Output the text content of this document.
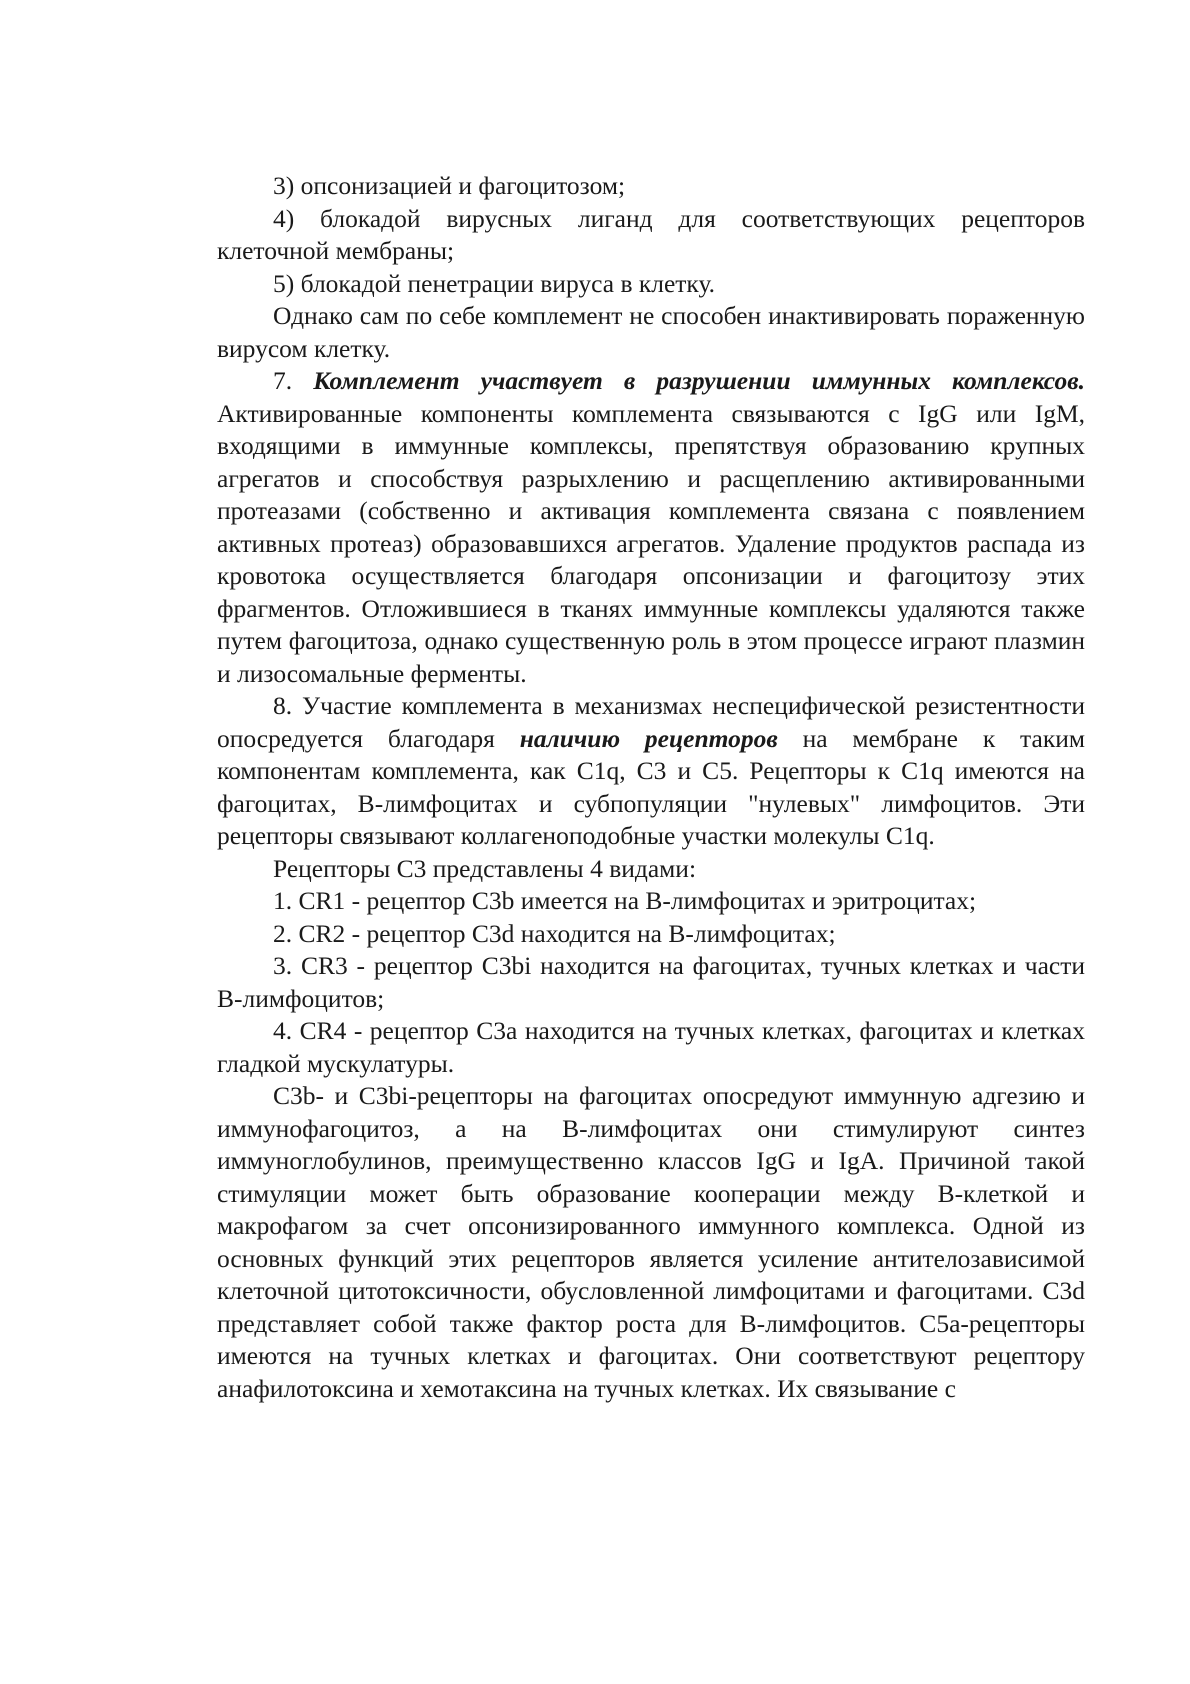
3) опсонизацией и фагоцитозом;

4) блокадой вирусных лиганд для соответствующих рецепторов клеточной мембраны;

5) блокадой пенетрации вируса в клетку.

Однако сам по себе комплемент не способен инактивировать пораженную вирусом клетку.

7. Комплемент участвует в разрушении иммунных комплексов. Активированные компоненты комплемента связываются с IgG или IgM, входящими в иммунные комплексы, препятствуя образованию крупных агрегатов и способствуя разрыхлению и расщеплению активированными протеазами (собственно и активация комплемента связана с появлением активных протеаз) образовавшихся агрегатов. Удаление продуктов распада из кровотока осуществляется благодаря опсонизации и фагоцитозу этих фрагментов. Отложившиеся в тканях иммунные комплексы удаляются также путем фагоцитоза, однако существенную роль в этом процессе играют плазмин и лизосомальные ферменты.

8. Участие комплемента в механизмах неспецифической резистентности опосредуется благодаря наличию рецепторов на мембране к таким компонентам комплемента, как C1q, C3 и C5. Рецепторы к C1q имеются на фагоцитах, B-лимфоцитах и субпопуляции "нулевых" лимфоцитов. Эти рецепторы связывают коллагеноподобные участки молекулы C1q.

Рецепторы C3 представлены 4 видами:

1. CR1 - рецептор C3b имеется на B-лимфоцитах и эритроцитах;

2. CR2 - рецептор C3d находится на B-лимфоцитах;

3. CR3 - рецептор C3bi находится на фагоцитах, тучных клетках и части B-лимфоцитов;

4. CR4 - рецептор C3a находится на тучных клетках, фагоцитах и клетках гладкой мускулатуры.

C3b- и C3bi-рецепторы на фагоцитах опосредуют иммунную адгезию и иммунофагоцитоз, а на B-лимфоцитах они стимулируют синтез иммуноглобулинов, преимущественно классов IgG и IgA. Причиной такой стимуляции может быть образование кооперации между B-клеткой и макрофагом за счет опсонизированного иммунного комплекса. Одной из основных функций этих рецепторов является усиление антителозависимой клеточной цитотоксичности, обусловленной лимфоцитами и фагоцитами. C3d представляет собой также фактор роста для B-лимфоцитов. C5a-рецепторы имеются на тучных клетках и фагоцитах. Они соответствуют рецептору анафилотоксина и хемотаксина на тучных клетках. Их связывание с
